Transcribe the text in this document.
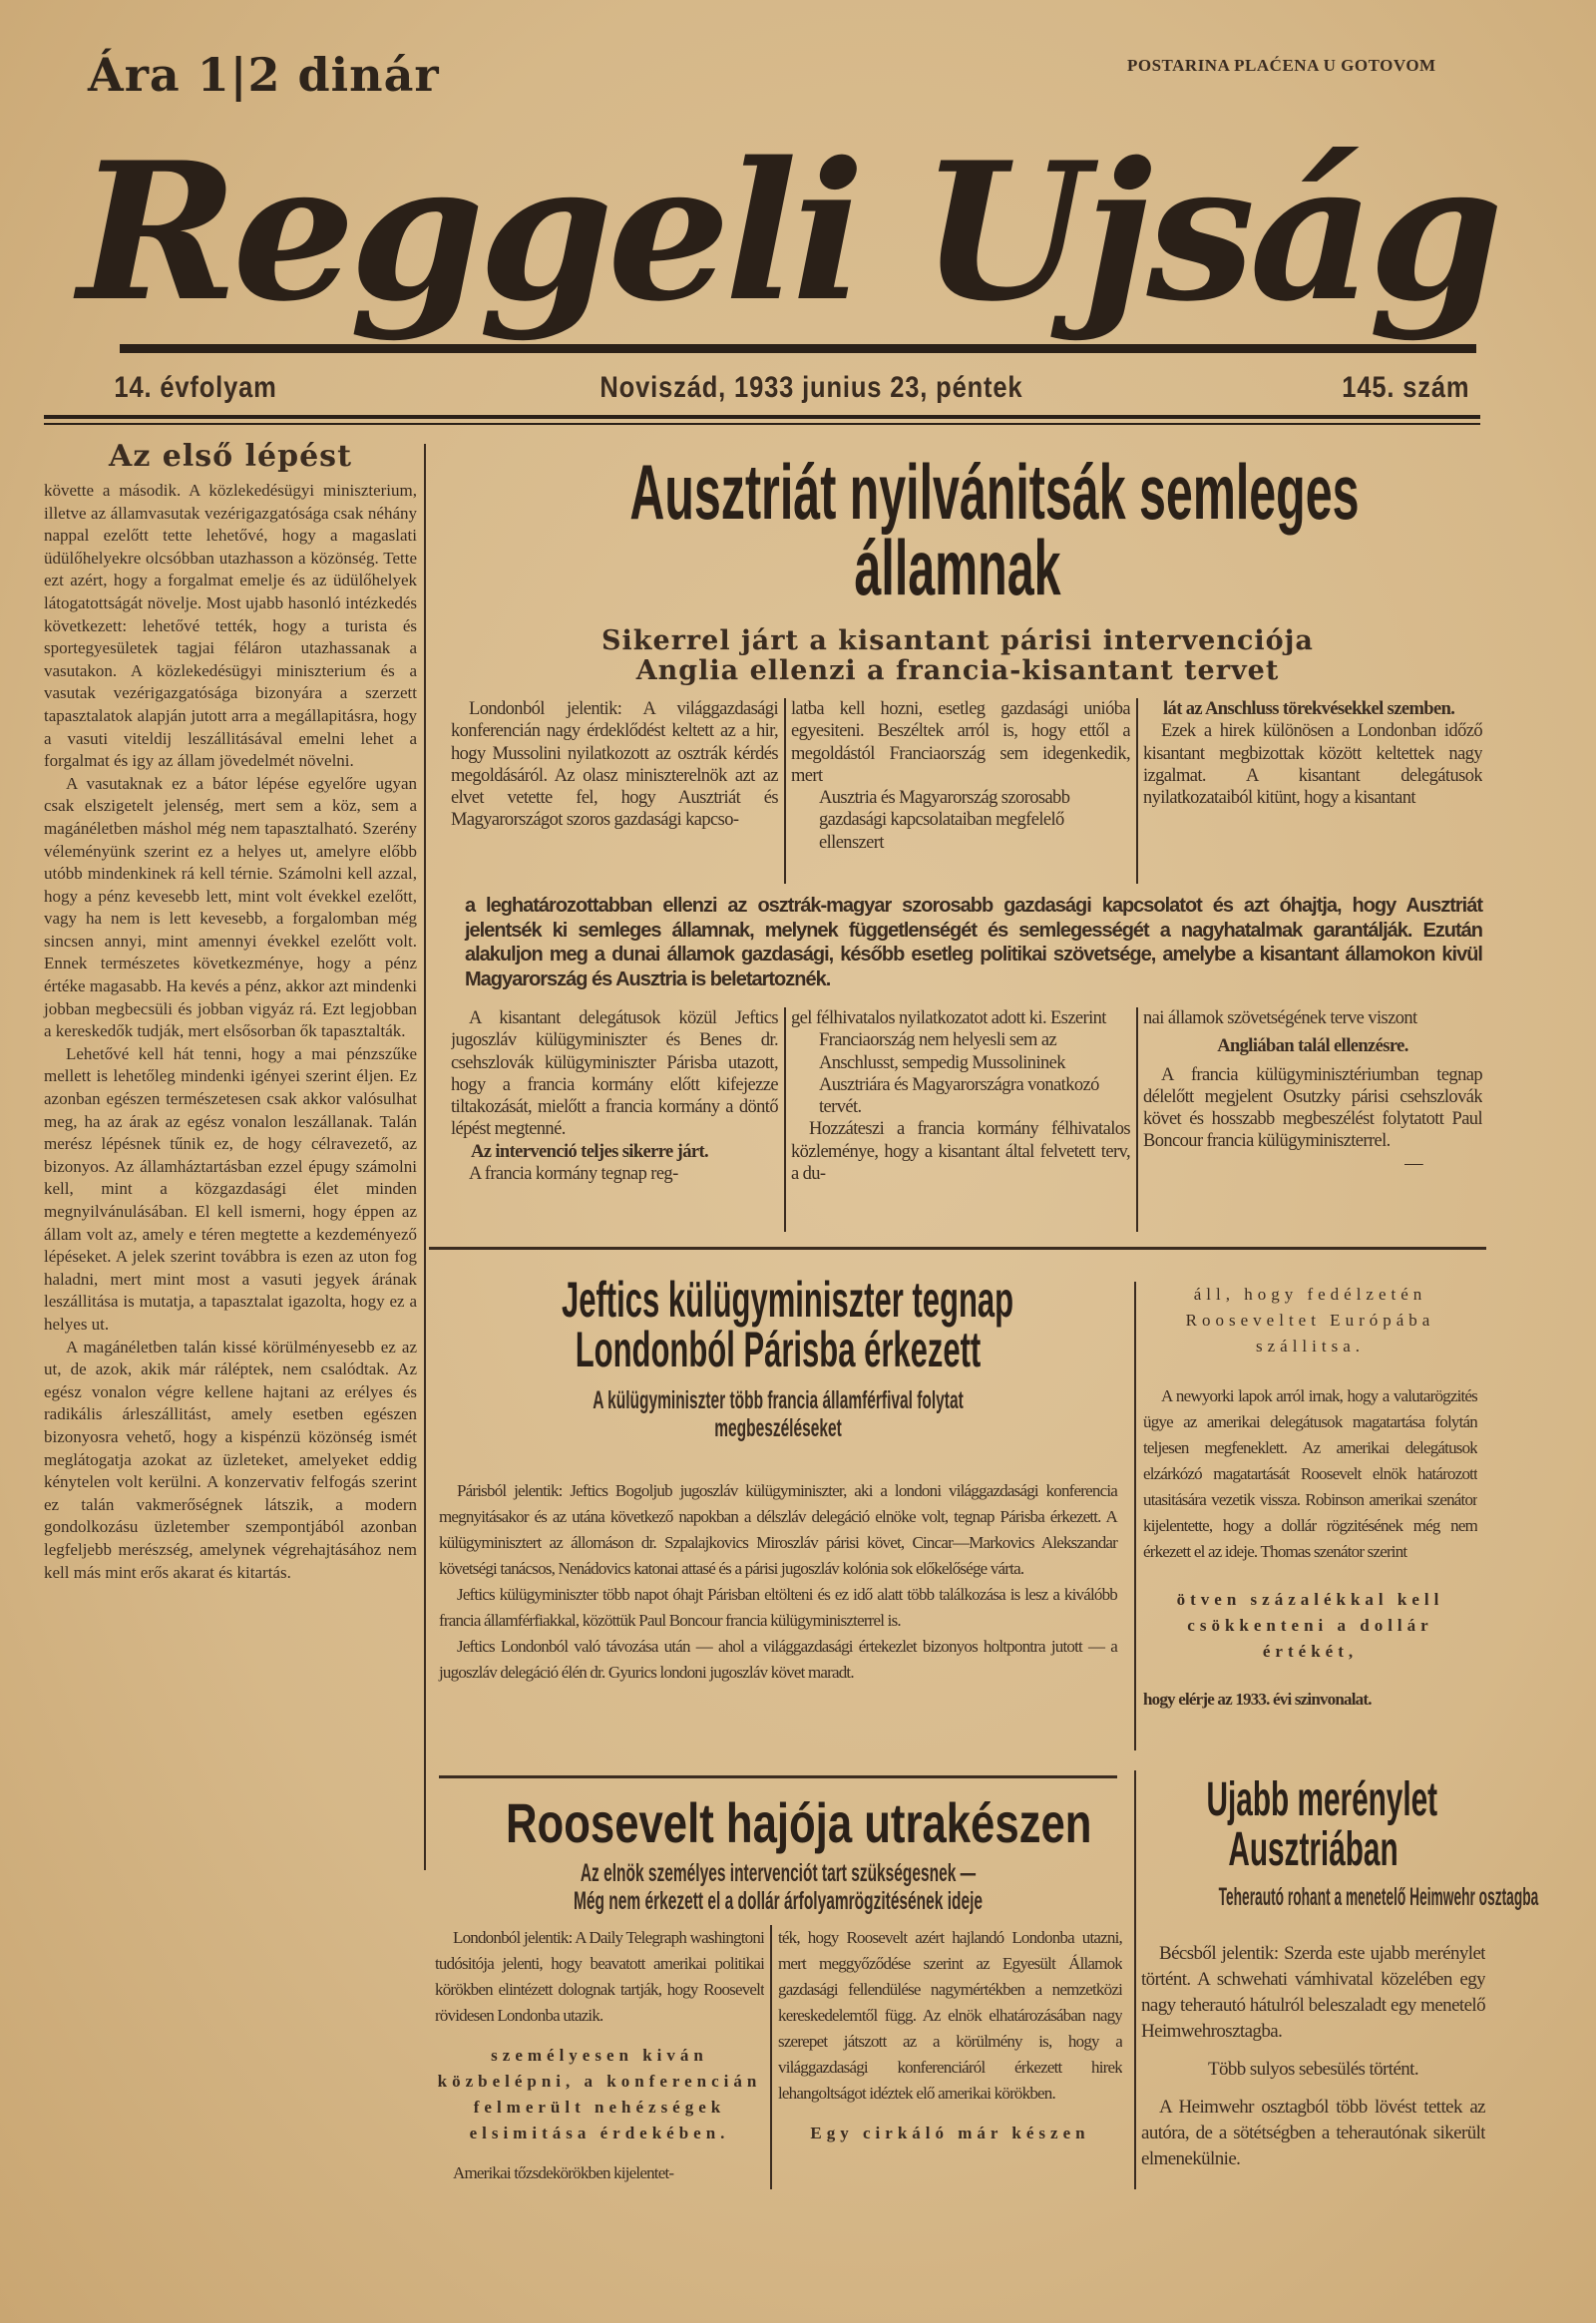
Ára 1|2 dinár	POSTARINA PLAĆENA U GOTOVOM
Reggeli Ujság
14. évfolyam	Noviszád, 1933 junius 23, péntek	145. szám
Az első lépést

követte a második. A közlekedésügyi miniszterium, illetve az államvasutak vezérigazgatósága csak néhány nappal ezelőtt tette lehetővé, hogy a magaslati üdülőhelyekre olcsóbban utazhasson a közönség. Tette ezt azért, hogy a forgalmat emelje és az üdülőhelyek látogatottságát növelje. Most ujabb hasonló intézkedés következett: lehetővé tették, hogy a turista és sportegyesületek tagjai féláron utazhassanak a vasutakon. A közlekedésügyi miniszterium és a vasutak vezérigazgatósága bizonyára a szerzett tapasztalatok alapján jutott arra a megállapitásra, hogy a vasuti viteldij leszállitásával emelni lehet a forgalmat és igy az állam jövedelmét növelni.

A vasutaknak ez a bátor lépése egyelőre ugyan csak elszigetelt jelenség, mert sem a köz, sem a magánéletben máshol még nem tapasztalható. Szerény véleményünk szerint ez a helyes ut, amelyre előbb utóbb mindenkinek rá kell térnie. Számolni kell azzal, hogy a pénz kevesebb lett, mint volt évekkel ezelőtt, vagy ha nem is lett kevesebb, a forgalomban még sincsen annyi, mint amennyi évekkel ezelőtt volt. Ennek természetes következménye, hogy a pénz értéke magasabb. Ha kevés a pénz, akkor azt mindenki jobban megbecsüli és jobban vigyáz rá. Ezt legjobban a kereskedők tudják, mert elsősorban ők tapasztalták.

Lehetővé kell hát tenni, hogy a mai pénzszűke mellett is lehetőleg mindenki igényei szerint éljen. Ez azonban egészen természetesen csak akkor valósulhat meg, ha az árak az egész vonalon leszállanak. Talán merész lépésnek tűnik ez, de hogy célravezető, az bizonyos. Az államháztartásban ezzel épugy számolni kell, mint a közgazdasági élet minden megnyilvánulásában. El kell ismerni, hogy éppen az állam volt az, amely e téren megtette a kezdeményező lépéseket. A jelek szerint továbbra is ezen az uton fog haladni, mert mint most a vasuti jegyek árának leszállitása is mutatja, a tapasztalat igazolta, hogy ez a helyes ut.

A magánéletben talán kissé körülményesebb ez az ut, de azok, akik már ráléptek, nem csalódtak. Az egész vonalon végre kellene hajtani az erélyes és radikális árleszállitást, amely esetben egészen bizonyosra vehető, hogy a kispénzü közönség ismét meglátogatja azokat az üzleteket, amelyeket eddig kénytelen volt kerülni. A konzervativ felfogás szerint ez talán vakmerőségnek látszik, a modern gondolkozásu üzletember szempontjából azonban legfeljebb merészség, amelynek végrehajtásához nem kell más mint erős akarat és kitartás.

Ausztriát nyilvánitsák semleges
államnak
Sikerrel járt a kisantant párisi intervenciója
Anglia ellenzi a francia-kisantant tervet

Londonból jelentik: A világgazdasági konferencián nagy érdeklődést keltett az a hir, hogy Mussolini nyilatkozott az osztrák kérdés megoldásáról. Az olasz miniszterelnök azt az elvet vetette fel, hogy Ausztriát és Magyarországot szoros gazdasági kapcso-

latba kell hozni, esetleg gazdasági unióba egyesiteni. Beszéltek arról is, hogy ettől a megoldástól Franciaország sem idegenkedik, mert

Ausztria és Magyarország szorosabb gazdasági kapcsolataiban megfelelő ellenszert

lát az Anschluss törekvésekkel szemben.

Ezek a hirek különösen a Londonban időző kisantant megbizottak között keltettek nagy izgalmat. A kisantant delegátusok nyilatkozataiból kitünt, hogy a kisantant

a leghatározottabban ellenzi az osztrák-magyar szorosabb gazdasági kapcsolatot és azt óhajtja, hogy Ausztriát jelentsék ki semleges államnak, melynek függetlenségét és semlegességét a nagyhatalmak garantálják. Ezután alakuljon meg a dunai államok gazdasági, később esetleg politikai szövetsége, amelybe a kisantant államokon kivül Magyarország és Ausztria is beletartoznék.

A kisantant delegátusok közül Jeftics jugoszláv külügyminiszter és Benes dr. csehszlovák külügyminiszter Párisba utazott, hogy a francia kormány előtt kifejezze tiltakozását, mielőtt a francia kormány a döntő lépést megtenné.

Az intervenció teljes sikerre járt.

A francia kormány tegnap reg-

gel félhivatalos nyilatkozatot adott ki. Eszerint

Franciaország nem helyesli sem az Anschlusst, sempedig Mussolininek Ausztriára és Magyarországra vonatkozó tervét.

Hozzáteszi a francia kormány félhivatalos közleménye, hogy a kisantant által felvetett terv, a du-

nai államok szövetségének terve viszont

Angliában talál ellenzésre.

A francia külügyminisztériumban tegnap délelőtt megjelent Osutzky párisi csehszlovák követ és hosszabb megbeszélést folytatott Paul Boncour francia külügyminiszterrel.

—

Jeftics külügyminiszter tegnap
Londonból Párisba érkezett
A külügyminiszter több francia államférfival folytat
megbeszéléseket

Párisból jelentik: Jeftics Bogoljub jugoszláv külügyminiszter, aki a londoni világgazdasági konferencia megnyitásakor és az utána következő napokban a délszláv delegáció elnöke volt, tegnap Párisba érkezett. A külügyminisztert az állomáson dr. Szpalajkovics Miroszláv párisi követ, Cincar—Markovics Alekszandar követségi tanácsos, Nenádovics katonai attasé és a párisi jugoszláv kolónia sok előkelősége várta.

Jeftics külügyminiszter több napot óhajt Párisban eltölteni és ez idő alatt több találkozása is lesz a kiválóbb francia államférfiakkal, közöttük Paul Boncour francia külügyminiszterrel is.

Jeftics Londonból való távozása után — ahol a világgazdasági értekezlet bizonyos holtpontra jutott — a jugoszláv delegáció élén dr. Gyurics londoni jugoszláv követ maradt.

áll, hogy fedélzetén Rooseveltet Európába szállitsa.

A newyorki lapok arról irnak, hogy a valutarögzités ügye az amerikai delegátusok magatartása folytán teljesen megfeneklett. Az amerikai delegátusok elzárkózó magatartását Roosevelt elnök határozott utasitására vezetik vissza. Robinson amerikai szenátor kijelentette, hogy a dollár rögzitésének még nem érkezett el az ideje. Thomas szenátor szerint

ötven százalékkal kell csökkenteni a dollár értékét,

hogy elérje az 1933. évi szinvonalat.

Roosevelt hajója utrakészen
Az elnök személyes intervenciót tart szükségesnek —
Még nem érkezett el a dollár árfolyamrögzitésének ideje

Londonból jelentik: A Daily Telegraph washingtoni tudósitója jelenti, hogy beavatott amerikai politikai körökben elintézett dolognak tartják, hogy Roosevelt rövidesen Londonba utazik.

személyesen kiván közbelépni, a konferencián felmerült nehézségek elsimitása érdekében.

Amerikai tőzsdekörökben kijelentet-

ték, hogy Roosevelt azért hajlandó Londonba utazni, mert meggyőződése szerint az Egyesült Államok gazdasági fellendülése nagymértékben a nemzetközi kereskedelemtől függ. Az elnök elhatározásában nagy szerepet játszott az a körülmény is, hogy a világgazdasági konferenciáról érkezett hirek lehangoltságot idéztek elő amerikai körökben.

Egy cirkáló már készen

Ujabb merénylet
Ausztriában
Teherautó rohant a menetelő Heimwehr osztagba

Bécsből jelentik: Szerda este ujabb merénylet történt. A schwehati vámhivatal közelében egy nagy teherautó hátulról beleszaladt egy menetelő Heimwehrosztagba.

Több sulyos sebesülés történt.

A Heimwehr osztagból több lövést tettek az autóra, de a sötétségben a teherautónak sikerült elmenekülnie.
